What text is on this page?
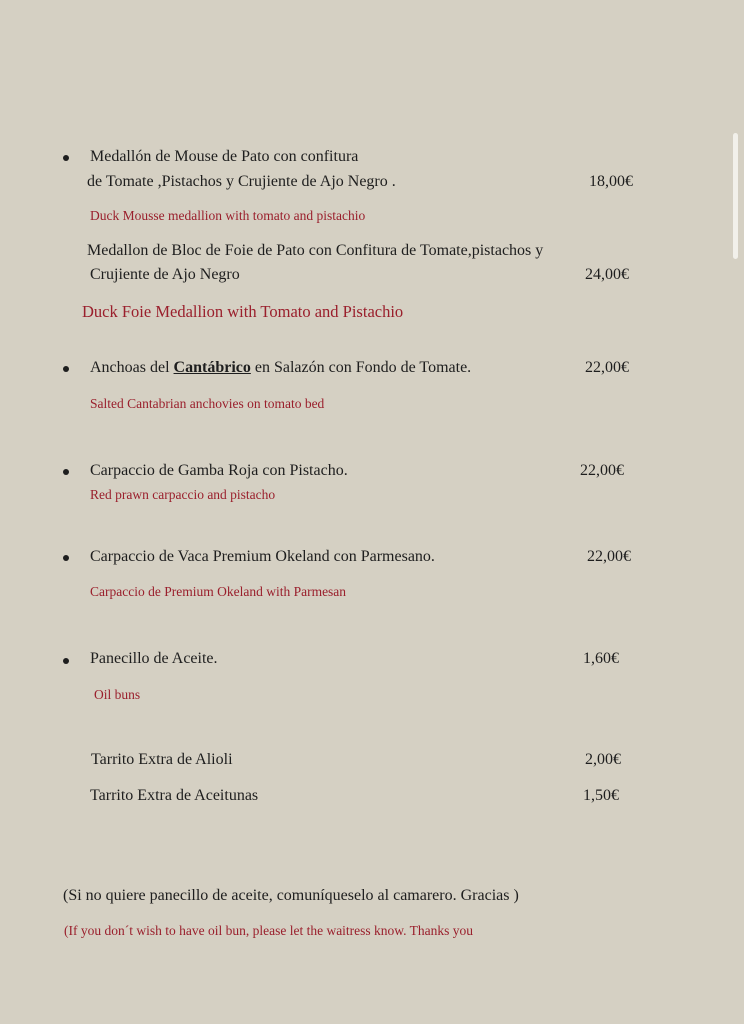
Medallón de Mouse de Pato con confitura
de Tomate ,Pistachos y Crujiente de Ajo Negro .	18,00€
Duck Mousse medallion with tomato and pistachio
Medallon de Bloc de Foie de Pato con Confitura de Tomate,pistachos y
Crujiente de Ajo Negro	24,00€
Duck Foie Medallion with Tomato and Pistachio
Anchoas del Cantábrico en Salazón con Fondo de Tomate.	22,00€
Salted Cantabrian anchovies on tomato bed
Carpaccio de Gamba Roja con Pistacho.	22,00€
Red prawn carpaccio and pistacho
Carpaccio de Vaca Premium Okeland con Parmesano.	22,00€
Carpaccio de Premium Okeland with Parmesan
Panecillo de Aceite.	1,60€
Oil buns
Tarrito Extra de Alioli	2,00€
Tarrito Extra de Aceitunas	1,50€
(Si no quiere panecillo de aceite, comuníqueselo al camarero. Gracias )
(If you don´t wish to have oil bun, please let the waitress know. Thanks you
